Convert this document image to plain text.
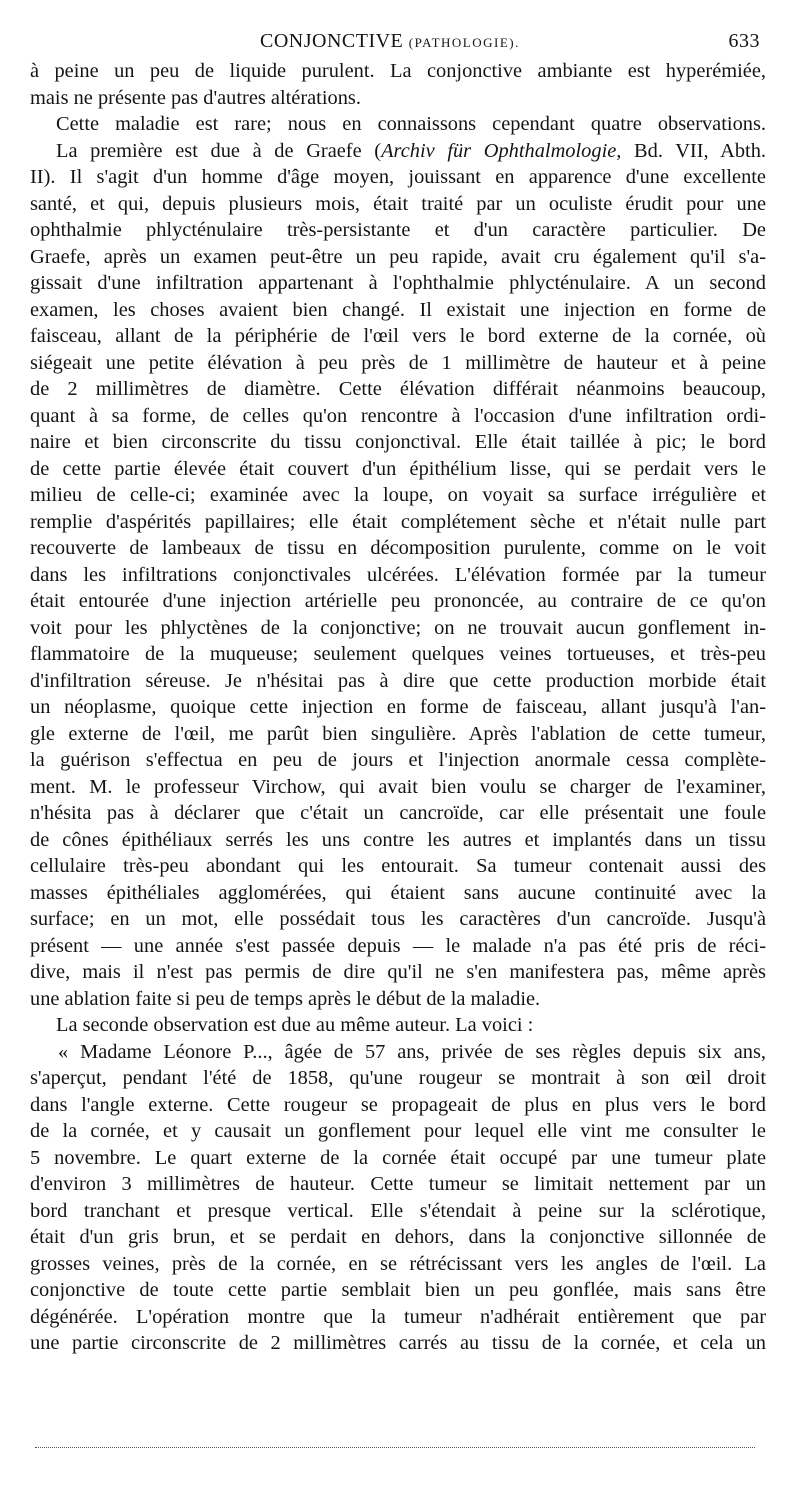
CONJONCTIVE (PATHOLOGIE).	633
à peine un peu de liquide purulent. La conjonctive ambiante est hyperémiée,
mais ne présente pas d'autres altérations.
Cette maladie est rare; nous en connaissons cependant quatre observations.
La première est due à de Graefe (Archiv für Ophthalmologie, Bd. VII, Abth.
II). Il s'agit d'un homme d'âge moyen, jouissant en apparence d'une excellente
santé, et qui, depuis plusieurs mois, était traité par un oculiste érudit pour une
ophthalmie phlycténulaire très-persistante et d'un caractère particulier. De
Graefe, après un examen peut-être un peu rapide, avait cru également qu'il s'a-
gissait d'une infiltration appartenant à l'ophthalmie phlycténulaire. A un second
examen, les choses avaient bien changé. Il existait une injection en forme de
faisceau, allant de la périphérie de l'œil vers le bord externe de la cornée, où
siégeait une petite élévation à peu près de 1 millimètre de hauteur et à peine
de 2 millimètres de diamètre. Cette élévation différait néanmoins beaucoup,
quant à sa forme, de celles qu'on rencontre à l'occasion d'une infiltration ordi-
naire et bien circonscrite du tissu conjonctival. Elle était taillée à pic; le bord
de cette partie élevée était couvert d'un épithélium lisse, qui se perdait vers le
milieu de celle-ci; examinée avec la loupe, on voyait sa surface irrégulière et
remplie d'aspérités papillaires; elle était complétement sèche et n'était nulle part
recouverte de lambeaux de tissu en décomposition purulente, comme on le voit
dans les infiltrations conjonctivales ulcérées. L'élévation formée par la tumeur
était entourée d'une injection artérielle peu prononcée, au contraire de ce qu'on
voit pour les phlyctènes de la conjonctive; on ne trouvait aucun gonflement in-
flammatoire de la muqueuse; seulement quelques veines tortueuses, et très-peu
d'infiltration séreuse. Je n'hésitai pas à dire que cette production morbide était
un néoplasme, quoique cette injection en forme de faisceau, allant jusqu'à l'an-
gle externe de l'œil, me parût bien singulière. Après l'ablation de cette tumeur,
la guérison s'effectua en peu de jours et l'injection anormale cessa complète-
ment. M. le professeur Virchow, qui avait bien voulu se charger de l'examiner,
n'hésita pas à déclarer que c'était un cancroïde, car elle présentait une foule
de cônes épithéliaux serrés les uns contre les autres et implantés dans un tissu
cellulaire très-peu abondant qui les entourait. Sa tumeur contenait aussi des
masses épithéliales agglomérées, qui étaient sans aucune continuité avec la
surface; en un mot, elle possédait tous les caractères d'un cancroïde. Jusqu'à
présent — une année s'est passée depuis — le malade n'a pas été pris de réci-
dive, mais il n'est pas permis de dire qu'il ne s'en manifestera pas, même après
une ablation faite si peu de temps après le début de la maladie.
La seconde observation est due au même auteur. La voici :
« Madame Léonore P..., âgée de 57 ans, privée de ses règles depuis six ans,
s'aperçut, pendant l'été de 1858, qu'une rougeur se montrait à son œil droit
dans l'angle externe. Cette rougeur se propageait de plus en plus vers le bord
de la cornée, et y causait un gonflement pour lequel elle vint me consulter le
5 novembre. Le quart externe de la cornée était occupé par une tumeur plate
d'environ 3 millimètres de hauteur. Cette tumeur se limitait nettement par un
bord tranchant et presque vertical. Elle s'étendait à peine sur la sclérotique,
était d'un gris brun, et se perdait en dehors, dans la conjonctive sillonnée de
grosses veines, près de la cornée, en se rétrécissant vers les angles de l'œil. La
conjonctive de toute cette partie semblait bien un peu gonflée, mais sans être
dégénérée. L'opération montre que la tumeur n'adhérait entièrement que par
une partie circonscrite de 2 millimètres carrés au tissu de la cornée, et cela un
